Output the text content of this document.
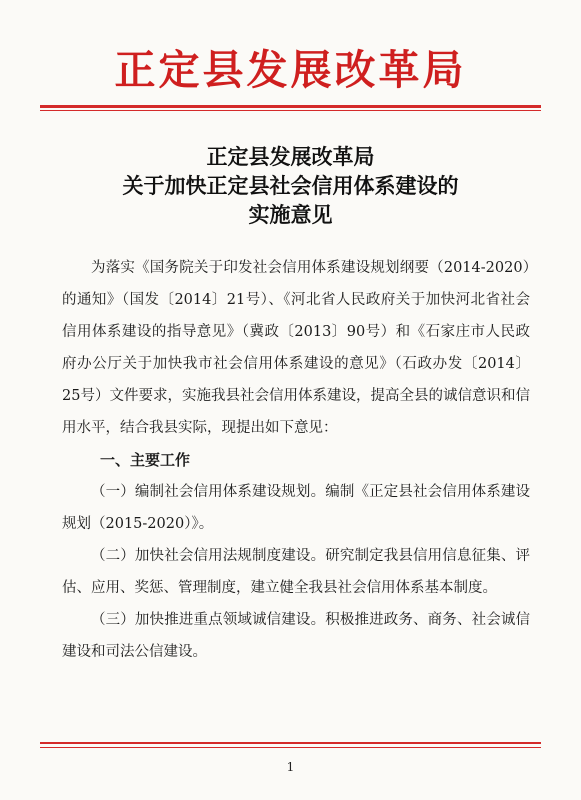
正定县发展改革局
正定县发展改革局
关于加快正定县社会信用体系建设的
实施意见

为落实《国务院关于印发社会信用体系建设规划纲要（2014-2020）的通知》（国发〔2014〕21号）、《河北省人民政府关于加快河北省社会信用体系建设的指导意见》（冀政〔2013〕90号）和《石家庄市人民政府办公厅关于加快我市社会信用体系建设的意见》（石政办发〔2014〕25号）文件要求，实施我县社会信用体系建设，提高全县的诚信意识和信用水平，结合我县实际，现提出如下意见：

一、主要工作

（一）编制社会信用体系建设规划。编制《正定县社会信用体系建设规划（2015-2020）》。

（二）加快社会信用法规制度建设。研究制定我县信用信息征集、评估、应用、奖惩、管理制度，建立健全我县社会信用体系基本制度。

（三）加快推进重点领域诚信建设。积极推进政务、商务、社会诚信建设和司法公信建设。

1
